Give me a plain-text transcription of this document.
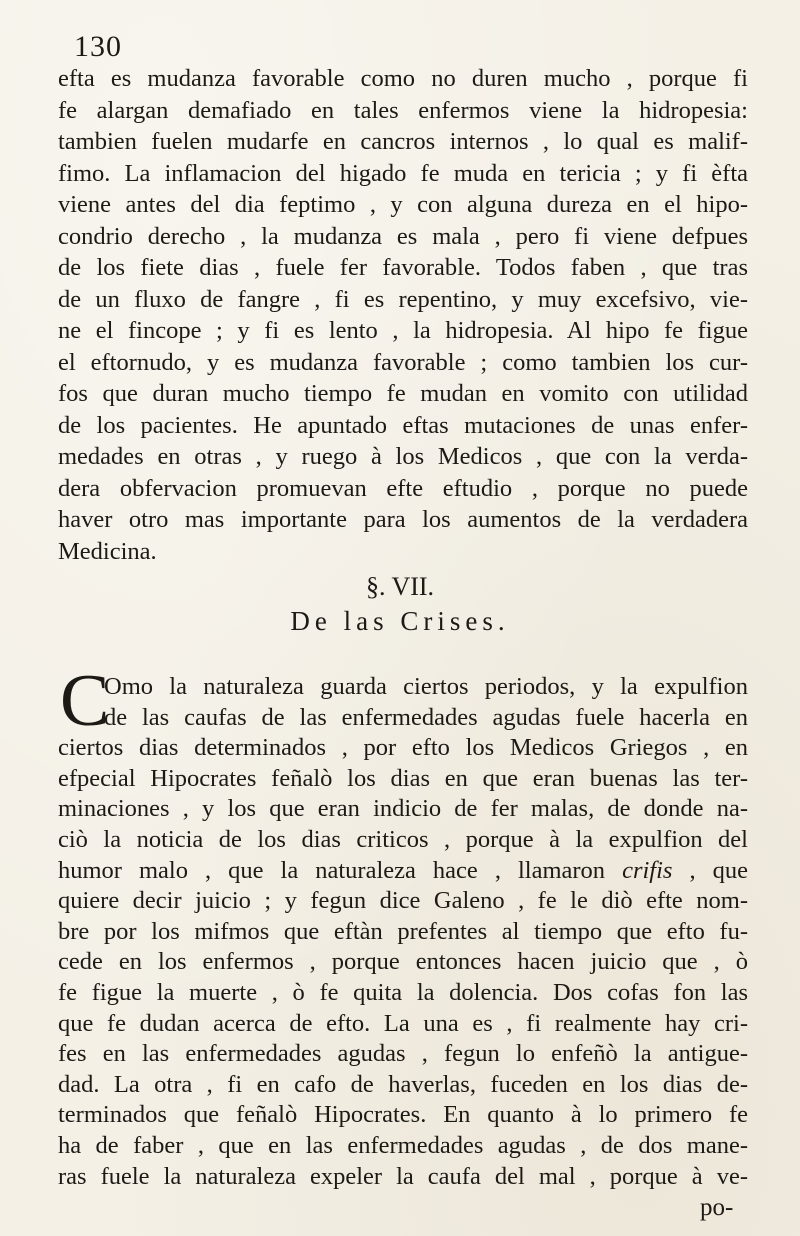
130
efta es mudanza favorable como no duren mucho , porque fi
fe alargan demafiado en tales enfermos viene la hidropesia:
tambien fuelen mudarfe en cancros internos , lo qual es malif-
fimo. La inflamacion del higado fe muda en tericia ; y fi èfta
viene antes del dia feptimo , y con alguna dureza en el hipo-
condrio derecho , la mudanza es mala , pero fi viene defpues
de los fiete dias , fuele fer favorable. Todos faben , que tras
de un fluxo de fangre , fi es repentino, y muy excefsivo, vie-
ne el fincope ; y fi es lento , la hidropesia. Al hipo fe figue
el eftornudo, y es mudanza favorable ; como tambien los cur-
fos que duran mucho tiempo fe mudan en vomito con utilidad
de los pacientes. He apuntado eftas mutaciones de unas enfer-
medades en otras , y ruego à los Medicos , que con la verda-
dera obfervacion promuevan efte eftudio , porque no puede
haver otro mas importante para los aumentos de la verdadera
Medicina.
§. VII.
De las Crises.
C
Omo la naturaleza guarda ciertos periodos, y la expulfion
de las caufas de las enfermedades agudas fuele hacerla en
ciertos dias determinados , por efto los Medicos Griegos , en
efpecial Hipocrates feñalò los dias en que eran buenas las ter-
minaciones , y los que eran indicio de fer malas, de donde na-
ciò la noticia de los dias criticos , porque à la expulfion del
humor malo , que la naturaleza hace , llamaron crifis , que
quiere decir juicio ; y fegun dice Galeno , fe le diò efte nom-
bre por los mifmos que eftàn prefentes al tiempo que efto fu-
cede en los enfermos , porque entonces hacen juicio que , ò
fe figue la muerte , ò fe quita la dolencia. Dos cofas fon las
que fe dudan acerca de efto. La una es , fi realmente hay cri-
fes en las enfermedades agudas , fegun lo enfeñò la antigue-
dad. La otra , fi en cafo de haverlas, fuceden en los dias de-
terminados que feñalò Hipocrates. En quanto à lo primero fe
ha de faber , que en las enfermedades agudas , de dos mane-
ras fuele la naturaleza expeler la caufa del mal , porque à ve-
po-
